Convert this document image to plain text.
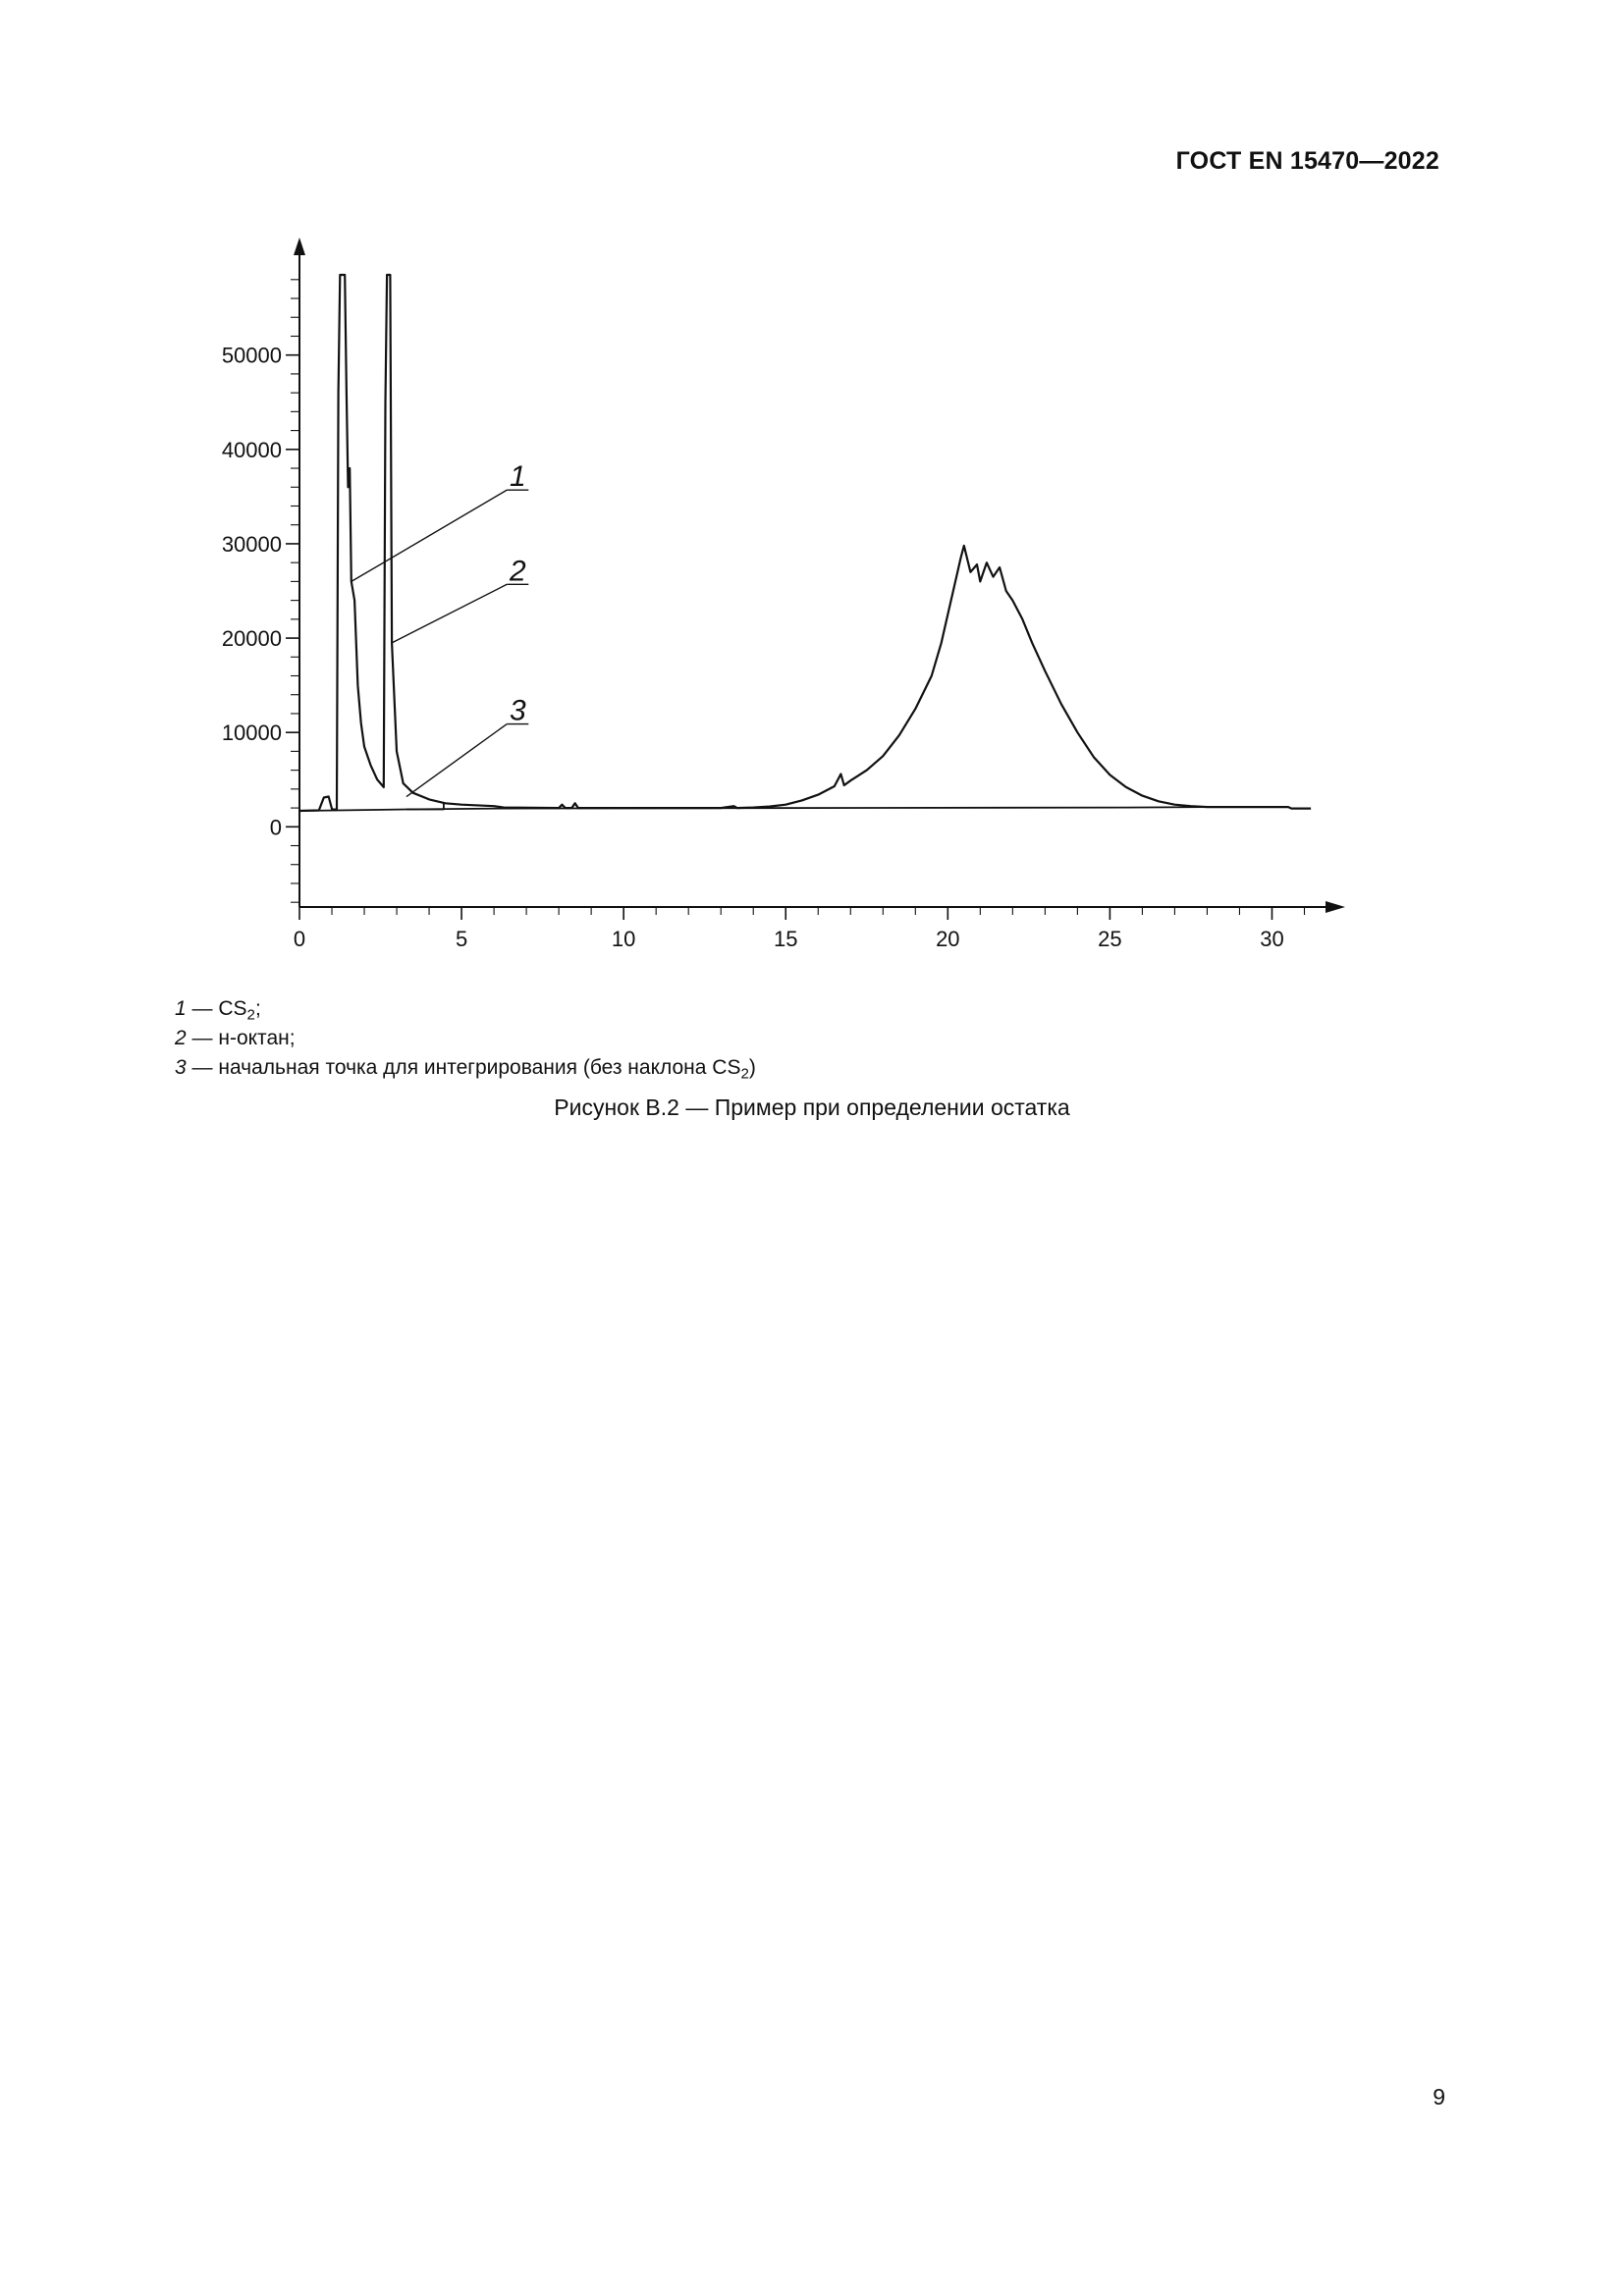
ГОСТ EN 15470—2022
0
10000
20000
30000
40000
50000
0	5	10	15	20	25	30
1
2
3
1 — $CS_2$;
2 — н-октан;
3 — начальная точка для интегрирования (без наклона $CS_2$)
Рисунок В.2 — Пример при определении остатка
9
